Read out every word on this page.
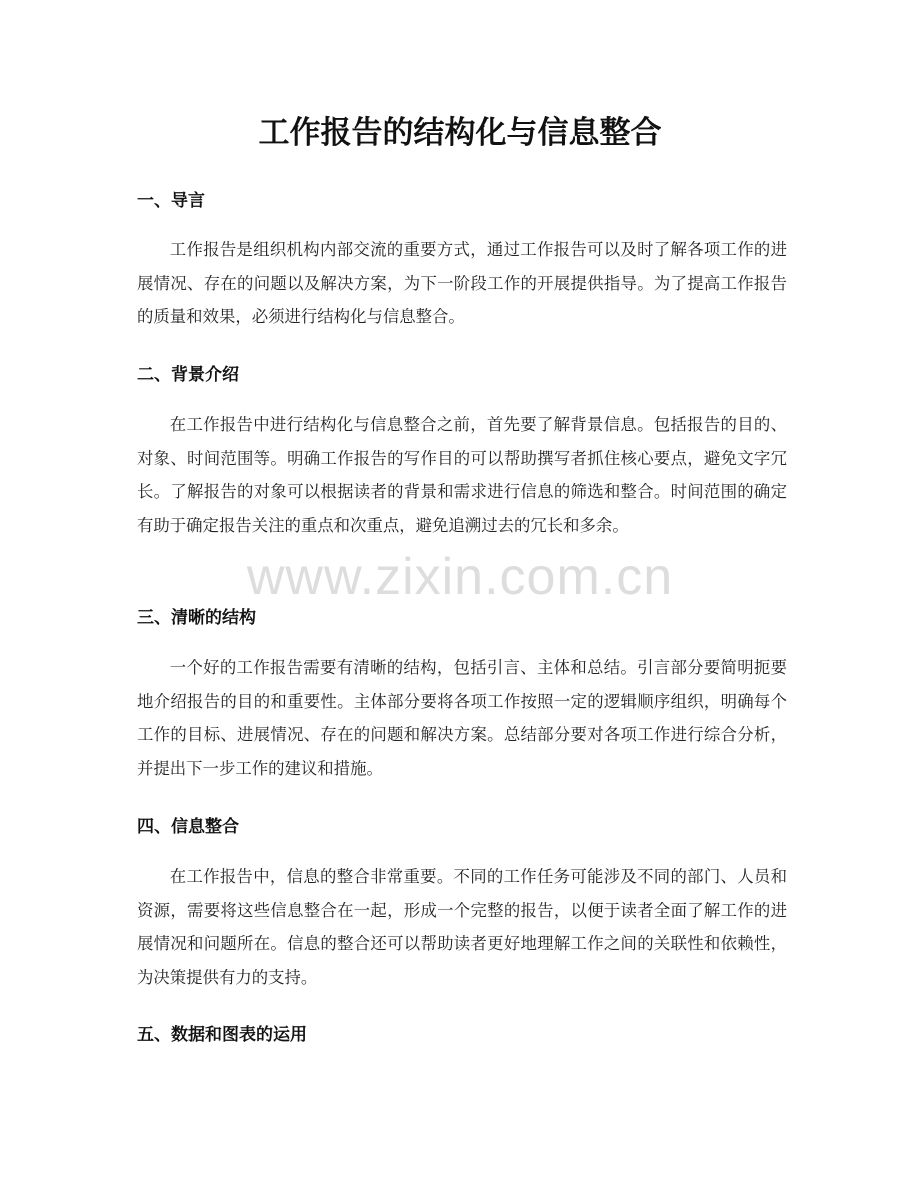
工作报告的结构化与信息整合
一、导言

工作报告是组织机构内部交流的重要方式，通过工作报告可以及时了解各项工作的进展情况、存在的问题以及解决方案，为下一阶段工作的开展提供指导。为了提高工作报告的质量和效果，必须进行结构化与信息整合。

二、背景介绍

在工作报告中进行结构化与信息整合之前，首先要了解背景信息。包括报告的目的、对象、时间范围等。明确工作报告的写作目的可以帮助撰写者抓住核心要点，避免文字冗长。了解报告的对象可以根据读者的背景和需求进行信息的筛选和整合。时间范围的确定有助于确定报告关注的重点和次重点，避免追溯过去的冗长和多余。

三、清晰的结构

一个好的工作报告需要有清晰的结构，包括引言、主体和总结。引言部分要简明扼要地介绍报告的目的和重要性。主体部分要将各项工作按照一定的逻辑顺序组织，明确每个工作的目标、进展情况、存在的问题和解决方案。总结部分要对各项工作进行综合分析，并提出下一步工作的建议和措施。

四、信息整合

在工作报告中，信息的整合非常重要。不同的工作任务可能涉及不同的部门、人员和资源，需要将这些信息整合在一起，形成一个完整的报告，以便于读者全面了解工作的进展情况和问题所在。信息的整合还可以帮助读者更好地理解工作之间的关联性和依赖性，为决策提供有力的支持。

五、数据和图表的运用
www.zixin.com.cn
